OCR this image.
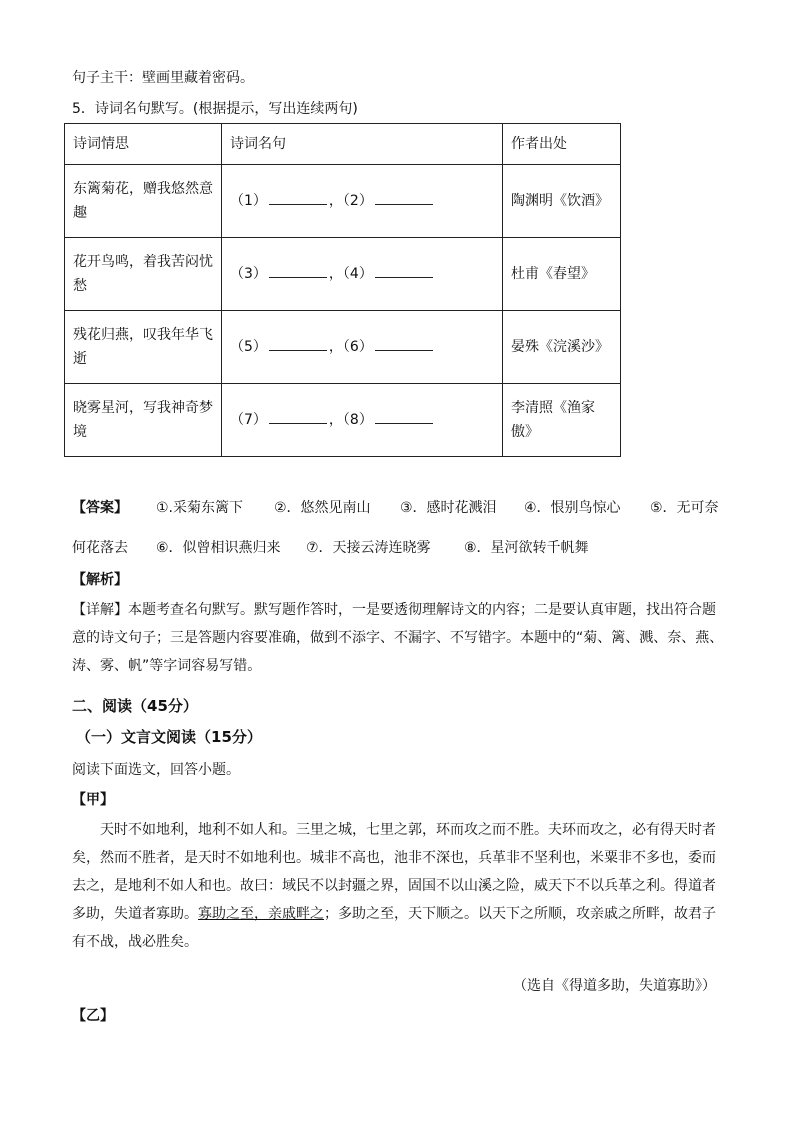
句子主干：壁画里藏着密码。
5．诗词名句默写。(根据提示，写出连续两句)
诗词情思	诗词名句	作者出处
东篱菊花，赠我悠然意
趣	（1） ，（2）	陶渊明《饮酒》
花开鸟鸣，着我苦闷忧
愁	（3） ，（4）	杜甫《春望》
残花归燕，叹我年华飞
逝	（5） ，（6）	晏殊《浣溪沙》
晓雾星河，写我神奇梦
境	（7） ，（8）	李清照《渔家傲》
【答案】 ①.采菊东篱下 ②．悠然见南山 ③．感时花溅泪 ④．恨别鸟惊心 ⑤．无可奈
何花落去 ⑥．似曾相识燕归来 ⑦．天接云涛连晓雾 ⑧．星河欲转千帆舞
【解析】
【详解】本题考查名句默写。默写题作答时，一是要透彻理解诗文的内容；二是要认真审题，找出符合题
意的诗文句子；三是答题内容要准确，做到不添字、不漏字、不写错字。本题中的“菊、篱、溅、奈、燕、
涛、雾、帆”等字词容易写错。
二、阅读（45分）
（一）文言文阅读（15分）
阅读下面选文，回答小题。
【甲】
天时不如地利，地利不如人和。三里之城，七里之郭，环而攻之而不胜。夫环而攻之，必有得天时者
矣，然而不胜者，是天时不如地利也。城非不高也，池非不深也，兵革非不坚利也，米粟非不多也，委而
去之，是地利不如人和也。故曰：域民不以封疆之界，固国不以山溪之险，威天下不以兵革之利。得道者
多助，失道者寡助。寡助之至，亲戚畔之；多助之至，天下顺之。以天下之所顺，攻亲戚之所畔，故君子
有不战，战必胜矣。
（选自《得道多助，失道寡助》）
【乙】
